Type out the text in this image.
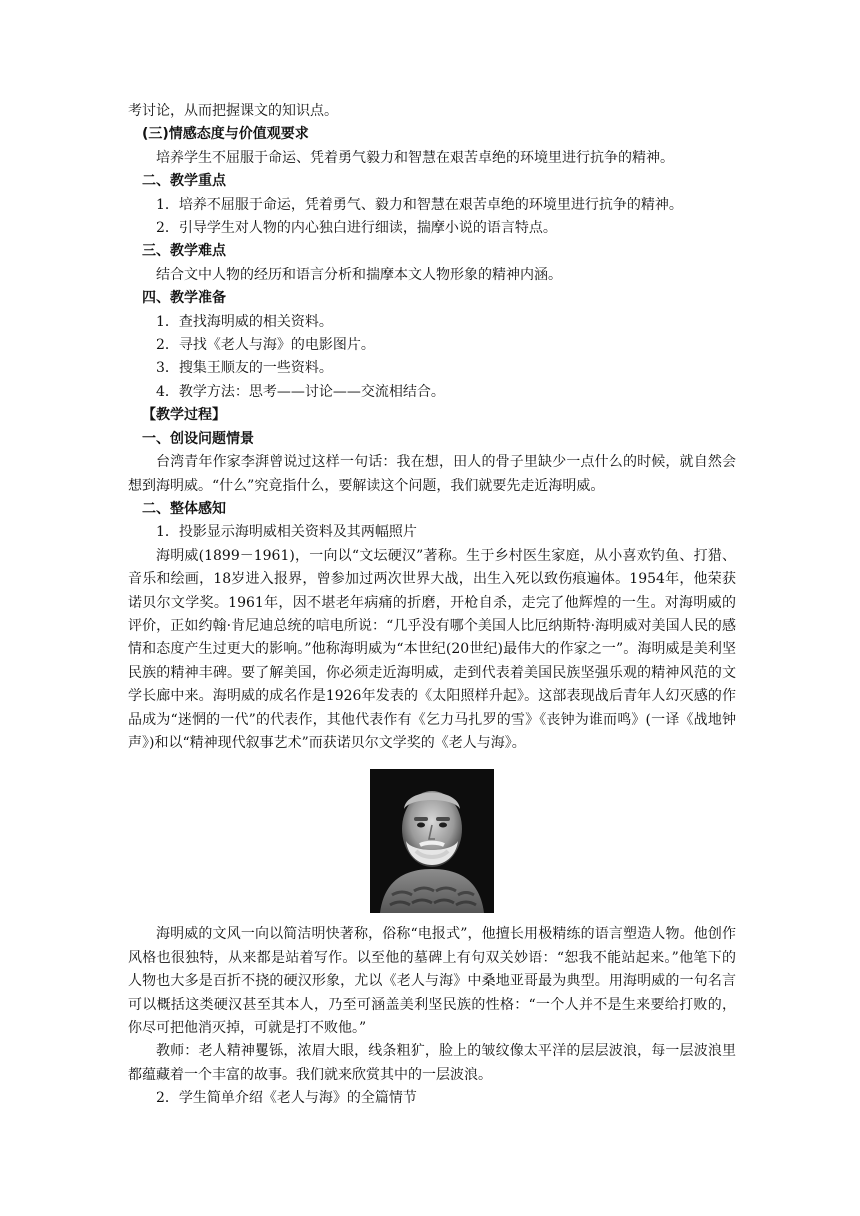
考讨论，从而把握课文的知识点。

(三)情感态度与价值观要求

培养学生不屈服于命运、凭着勇气毅力和智慧在艰苦卓绝的环境里进行抗争的精神。

二、教学重点

1．培养不屈服于命运，凭着勇气、毅力和智慧在艰苦卓绝的环境里进行抗争的精神。

2．引导学生对人物的内心独白进行细读，揣摩小说的语言特点。

三、教学难点

结合文中人物的经历和语言分析和揣摩本文人物形象的精神内涵。

四、教学准备

1．查找海明威的相关资料。

2．寻找《老人与海》的电影图片。

3．搜集王顺友的一些资料。

4．教学方法：思考——讨论——交流相结合。

【教学过程】

一、创设问题情景

台湾青年作家李湃曾说过这样一句话：我在想，田人的骨子里缺少一点什么的时候，就自然会想到海明威。“什么”究竟指什么，要解读这个问题，我们就要先走近海明威。

二、整体感知

1．投影显示海明威相关资料及其两幅照片

海明威(1899－1961)，一向以“文坛硬汉”著称。生于乡村医生家庭，从小喜欢钓鱼、打猎、音乐和绘画，18岁进入报界，曾参加过两次世界大战，出生入死以致伤痕遍体。1954年，他荣获诺贝尔文学奖。1961年，因不堪老年病痛的折磨，开枪自杀，走完了他辉煌的一生。对海明威的评价，正如约翰·肯尼迪总统的唁电所说：“几乎没有哪个美国人比厄纳斯特·海明威对美国人民的感情和态度产生过更大的影响。”他称海明威为“本世纪(20世纪)最伟大的作家之一”。海明威是美利坚民族的精神丰碑。要了解美国，你必须走近海明威，走到代表着美国民族坚强乐观的精神风范的文学长廊中来。海明威的成名作是1926年发表的《太阳照样升起》。这部表现战后青年人幻灭感的作品成为“迷惘的一代”的代表作，其他代表作有《乞力马扎罗的雪》《丧钟为谁而鸣》(一译《战地钟声》)和以“精神现代叙事艺术”而获诺贝尔文学奖的《老人与海》。

海明威的文风一向以简洁明快著称，俗称“电报式”，他擅长用极精练的语言塑造人物。他创作风格也很独特，从来都是站着写作。以至他的墓碑上有句双关妙语：“恕我不能站起来。”他笔下的人物也大多是百折不挠的硬汉形象，尤以《老人与海》中桑地亚哥最为典型。用海明威的一句名言可以概括这类硬汉甚至其本人，乃至可涵盖美利坚民族的性格：“一个人并不是生来要给打败的，你尽可把他消灭掉，可就是打不败他。”

教师：老人精神矍铄，浓眉大眼，线条粗犷，脸上的皱纹像太平洋的层层波浪，每一层波浪里都蕴藏着一个丰富的故事。我们就来欣赏其中的一层波浪。

2．学生简单介绍《老人与海》的全篇情节
